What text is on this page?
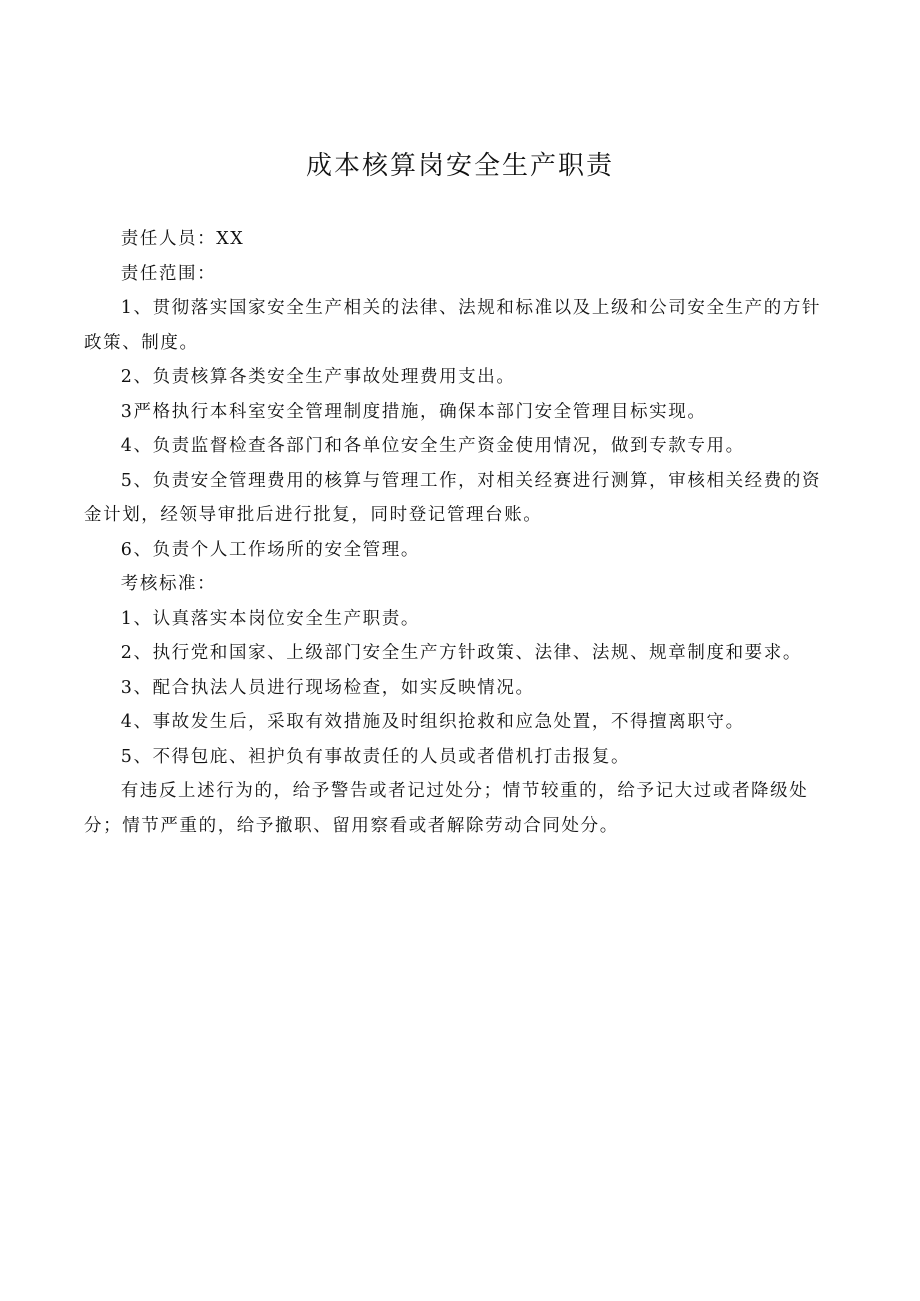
成本核算岗安全生产职责

责任人员：XX

责任范围：

1、贯彻落实国家安全生产相关的法律、法规和标准以及上级和公司安全生产的方针政策、制度。

2、负责核算各类安全生产事故处理费用支出。

3严格执行本科室安全管理制度措施，确保本部门安全管理目标实现。

4、负责监督检查各部门和各单位安全生产资金使用情况，做到专款专用。

5、负责安全管理费用的核算与管理工作，对相关经赛进行测算，审核相关经费的资金计划，经领导审批后进行批复，同时登记管理台账。

6、负责个人工作场所的安全管理。

考核标准：

1、认真落实本岗位安全生产职责。

2、执行党和国家、上级部门安全生产方针政策、法律、法规、规章制度和要求。

3、配合执法人员进行现场检查，如实反映情况。

4、事故发生后，采取有效措施及时组织抢救和应急处置，不得擅离职守。

5、不得包庇、袒护负有事故责任的人员或者借机打击报复。

有违反上述行为的，给予警告或者记过处分；情节较重的，给予记大过或者降级处分；情节严重的，给予撤职、留用察看或者解除劳动合同处分。
